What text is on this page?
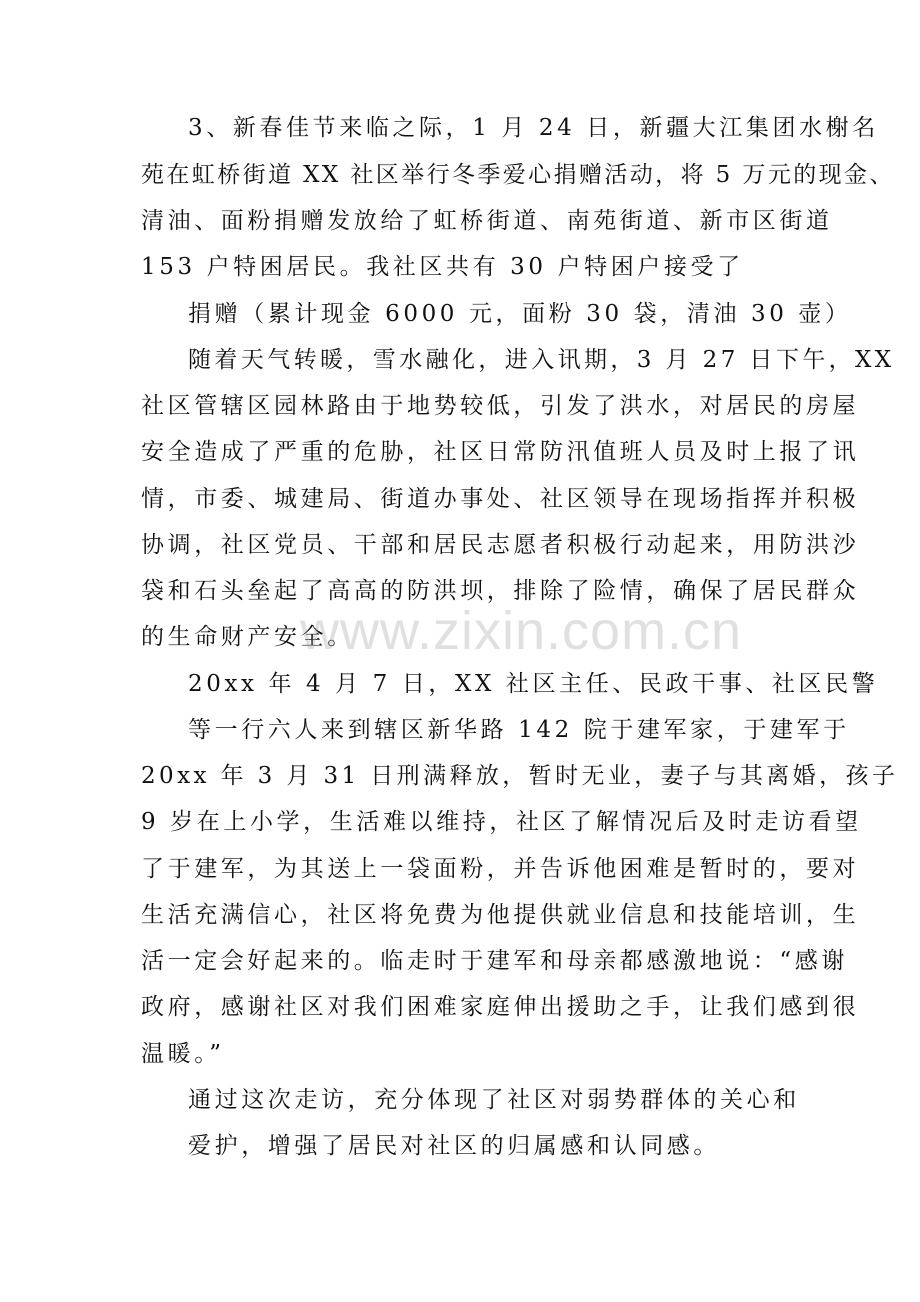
3、新春佳节来临之际，1 月 24 日，新疆大江集团水榭名
苑在虹桥街道 XX 社区举行冬季爱心捐赠活动，将 5 万元的现金、
清油、面粉捐赠发放给了虹桥街道、南苑街道、新市区街道
153 户特困居民。我社区共有 30 户特困户接受了
捐赠（累计现金 6000 元，面粉 30 袋，清油 30 壶）
随着天气转暖，雪水融化，进入讯期，3 月 27 日下午，XX
社区管辖区园林路由于地势较低，引发了洪水，对居民的房屋
安全造成了严重的危胁，社区日常防汛值班人员及时上报了讯
情，市委、城建局、街道办事处、社区领导在现场指挥并积极
协调，社区党员、干部和居民志愿者积极行动起来，用防洪沙
袋和石头垒起了高高的防洪坝，排除了险情，确保了居民群众
的生命财产安全。
20xx 年 4 月 7 日，XX 社区主任、民政干事、社区民警
等一行六人来到辖区新华路 142 院于建军家，于建军于
20xx 年 3 月 31 日刑满释放，暂时无业，妻子与其离婚，孩子
9 岁在上小学，生活难以维持，社区了解情况后及时走访看望
了于建军，为其送上一袋面粉，并告诉他困难是暂时的，要对
生活充满信心，社区将免费为他提供就业信息和技能培训，生
活一定会好起来的。临走时于建军和母亲都感激地说：“感谢
政府，感谢社区对我们困难家庭伸出援助之手，让我们感到很
温暖。”
通过这次走访，充分体现了社区对弱势群体的关心和
爱护，增强了居民对社区的归属感和认同感。
www.zixin.com.cn
